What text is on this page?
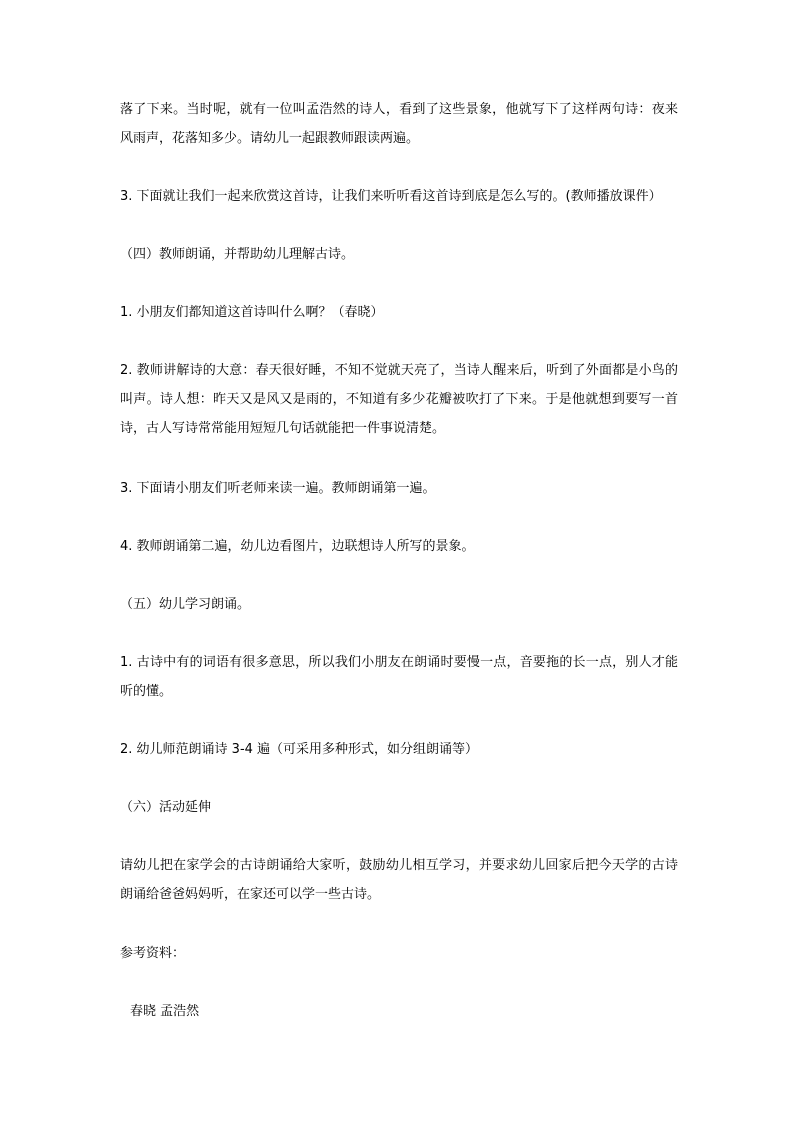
落了下来。当时呢，就有一位叫孟浩然的诗人，看到了这些景象，他就写下了这样两句诗：夜来风雨声，花落知多少。请幼儿一起跟教师跟读两遍。

3. 下面就让我们一起来欣赏这首诗，让我们来听听看这首诗到底是怎么写的。(教师播放课件）

（四）教师朗诵，并帮助幼儿理解古诗。

1. 小朋友们都知道这首诗叫什么啊？（春晓）

2. 教师讲解诗的大意：春天很好睡，不知不觉就天亮了，当诗人醒来后，听到了外面都是小鸟的叫声。诗人想：昨天又是风又是雨的，不知道有多少花瓣被吹打了下来。于是他就想到要写一首诗，古人写诗常常能用短短几句话就能把一件事说清楚。

3. 下面请小朋友们听老师来读一遍。教师朗诵第一遍。

4. 教师朗诵第二遍，幼儿边看图片，边联想诗人所写的景象。

（五）幼儿学习朗诵。

1. 古诗中有的词语有很多意思，所以我们小朋友在朗诵时要慢一点，音要拖的长一点，别人才能听的懂。

2. 幼儿师范朗诵诗 3-4 遍（可采用多种形式，如分组朗诵等）

（六）活动延伸

请幼儿把在家学会的古诗朗诵给大家听，鼓励幼儿相互学习，并要求幼儿回家后把今天学的古诗朗诵给爸爸妈妈听，在家还可以学一些古诗。

参考资料：

春晓 孟浩然
